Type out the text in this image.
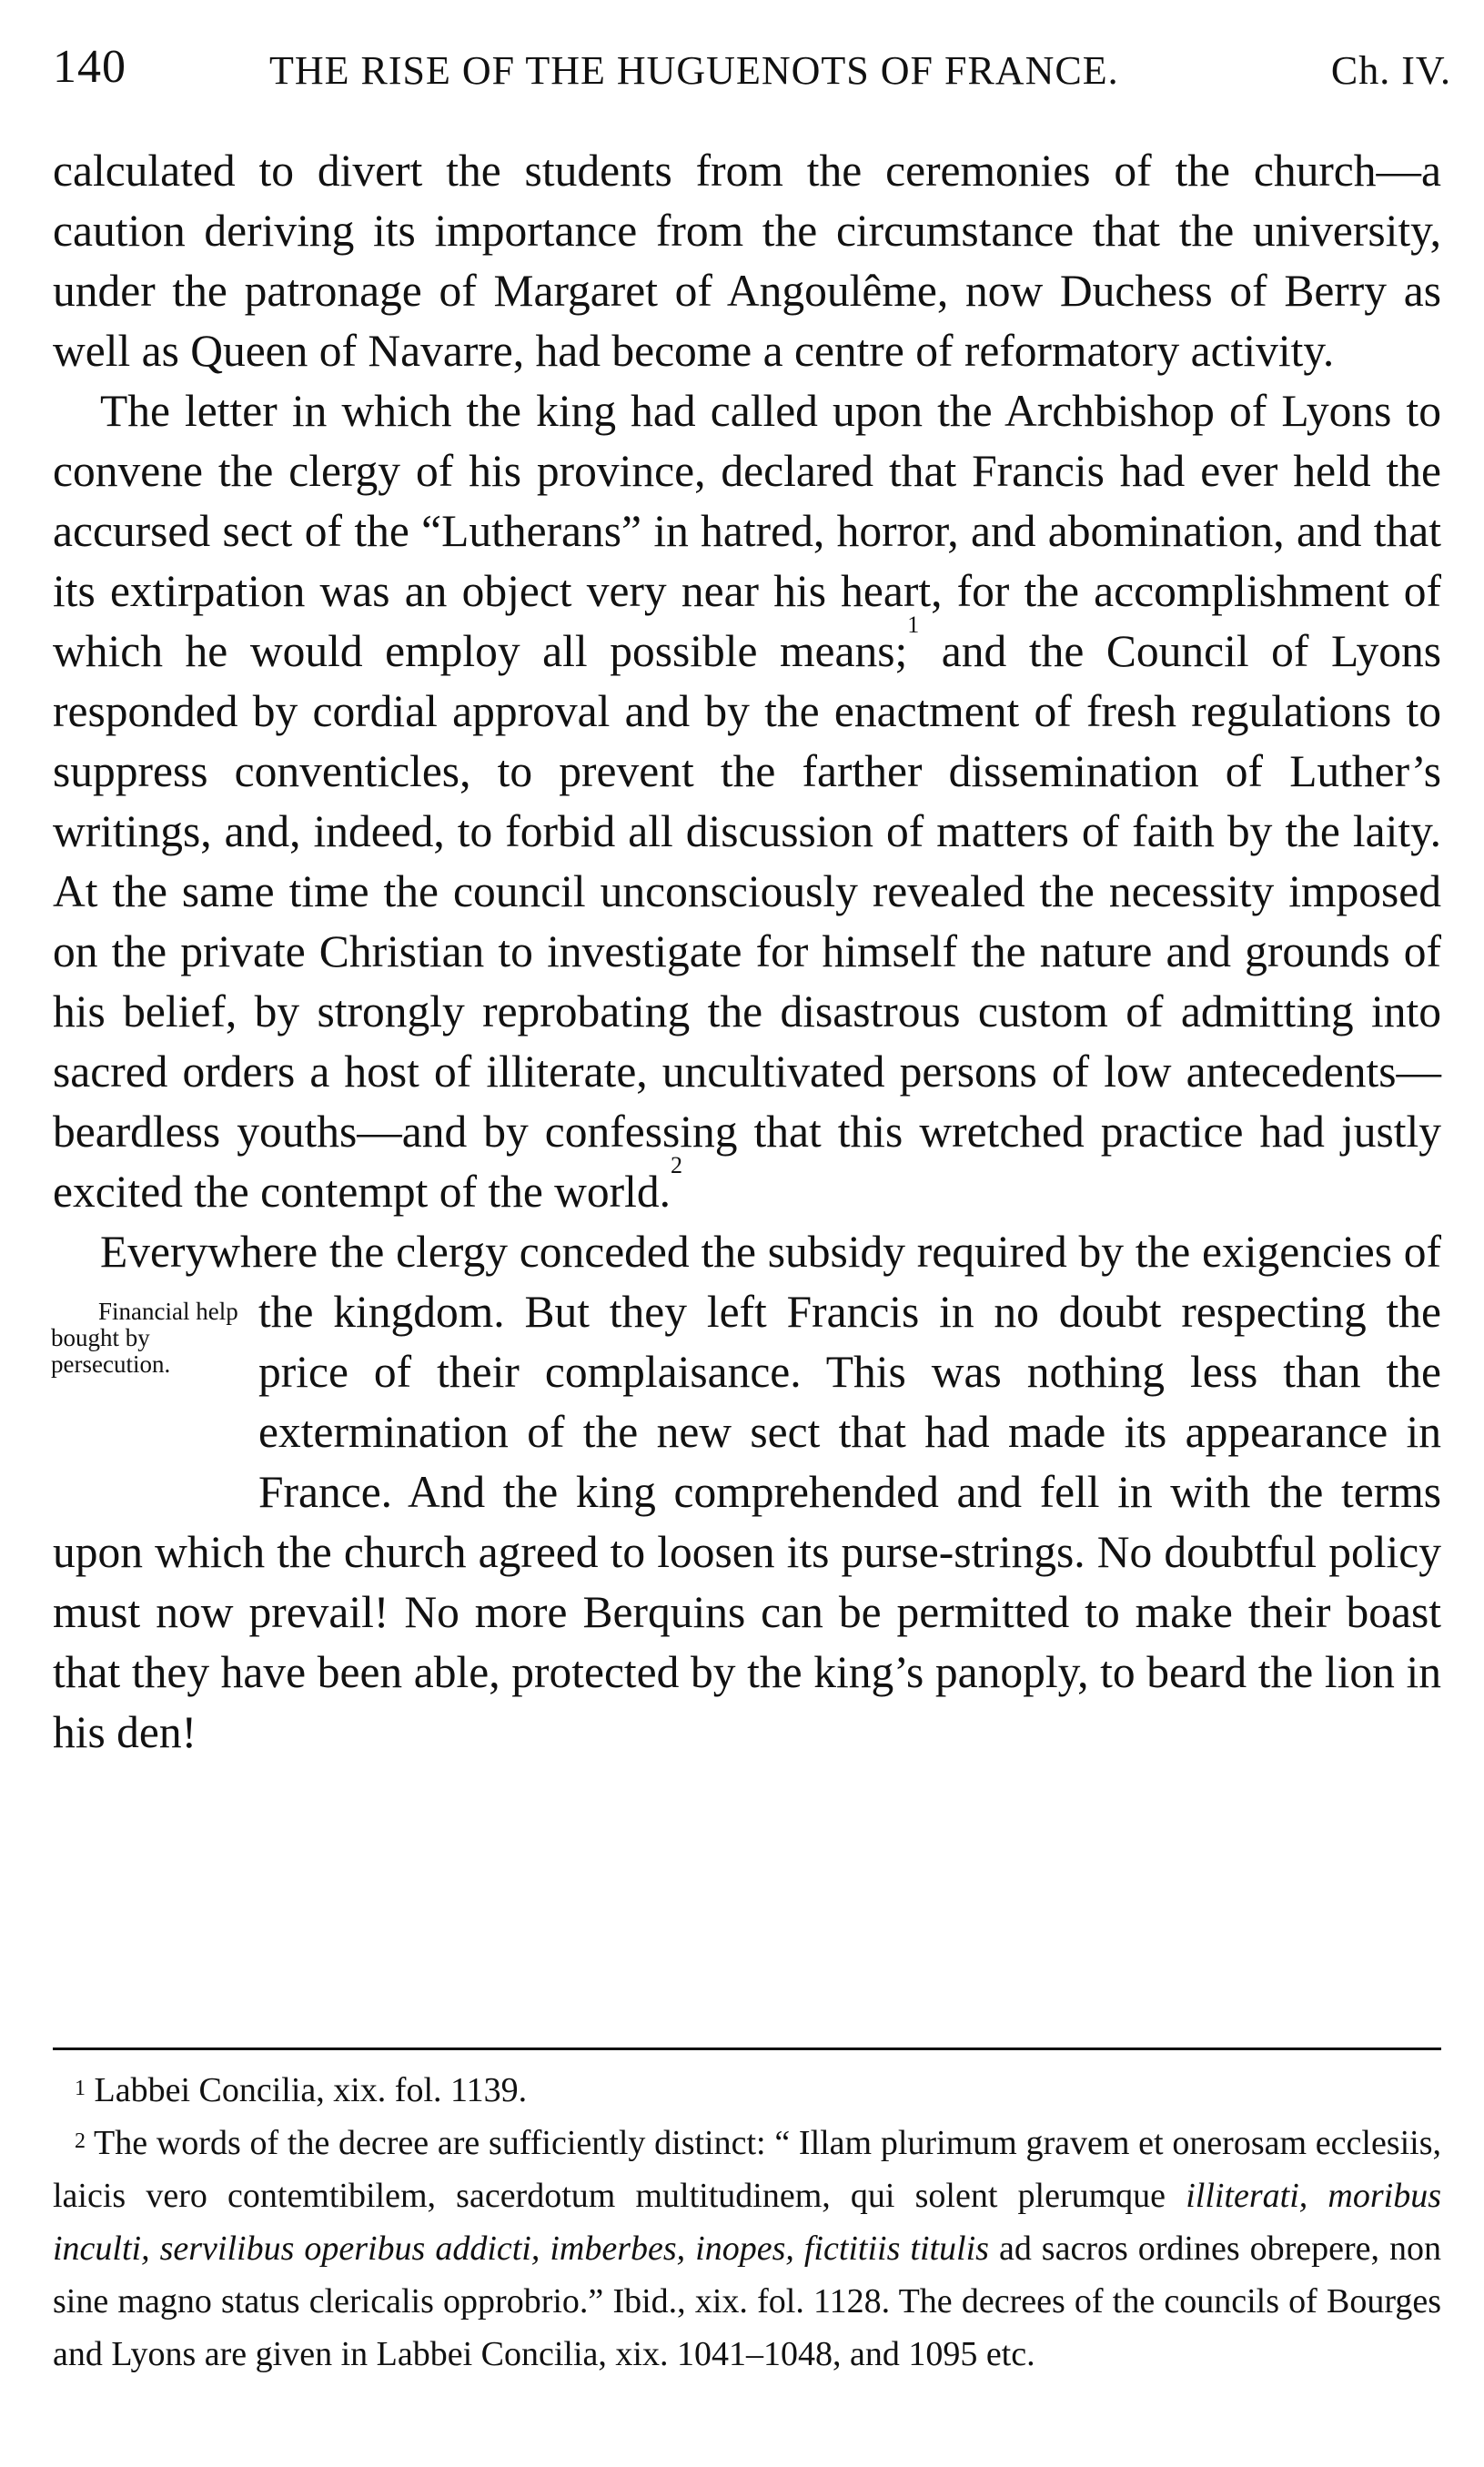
140	THE RISE OF THE HUGUENOTS OF FRANCE.	Ch. IV.

calculated to divert the students from the ceremonies of the church—a caution deriving its importance from the circumstance that the university, under the patronage of Margaret of Angoulême, now Duchess of Berry as well as Queen of Navarre, had become a centre of reformatory activity.

The letter in which the king had called upon the Archbishop of Lyons to convene the clergy of his province, declared that Francis had ever held the accursed sect of the “Lutherans” in hatred, horror, and abomination, and that its extirpation was an object very near his heart, for the accomplishment of which he would employ all possible means;$^1$ and the Council of Lyons responded by cordial approval and by the enactment of fresh regulations to suppress conventicles, to prevent the farther dissemination of Luther’s writings, and, indeed, to forbid all discussion of matters of faith by the laity. At the same time the council unconsciously revealed the necessity imposed on the private Christian to investigate for himself the nature and grounds of his belief, by strongly reprobating the disastrous custom of admitting into sacred orders a host of illiterate, uncultivated persons of low antecedents—beardless youths—and by confessing that this wretched practice had justly excited the contempt of the world.$^2$

Everywhere the clergy conceded the subsidy required by the exigencies of the kingdom. But they left Francis in no doubt
Financial help bought by persecution.
respecting the price of their complaisance. This was nothing less than the extermination of the new sect that had made its appearance in France. And the king comprehended and fell in with the terms upon which the church agreed to loosen its purse-strings. No doubtful policy must now prevail! No more Berquins can be permitted to make their boast that they have been able, protected by the king’s panoply, to beard the lion in his den!

$^1$ Labbei Concilia, xix. fol. 1139.

$^2$ The words of the decree are sufficiently distinct: “ Illam plurimum gravem et onerosam ecclesiis, laicis vero contemtibilem, sacerdotum multitudinem, qui solent plerumque illiterati, moribus inculti, servilibus operibus addicti, imberbes, inopes, fictitiis titulis ad sacros ordines obrepere, non sine magno status clericalis opprobrio.” Ibid., xix. fol. 1128. The decrees of the councils of Bourges and Lyons are given in Labbei Concilia, xix. 1041–1048, and 1095 etc.
